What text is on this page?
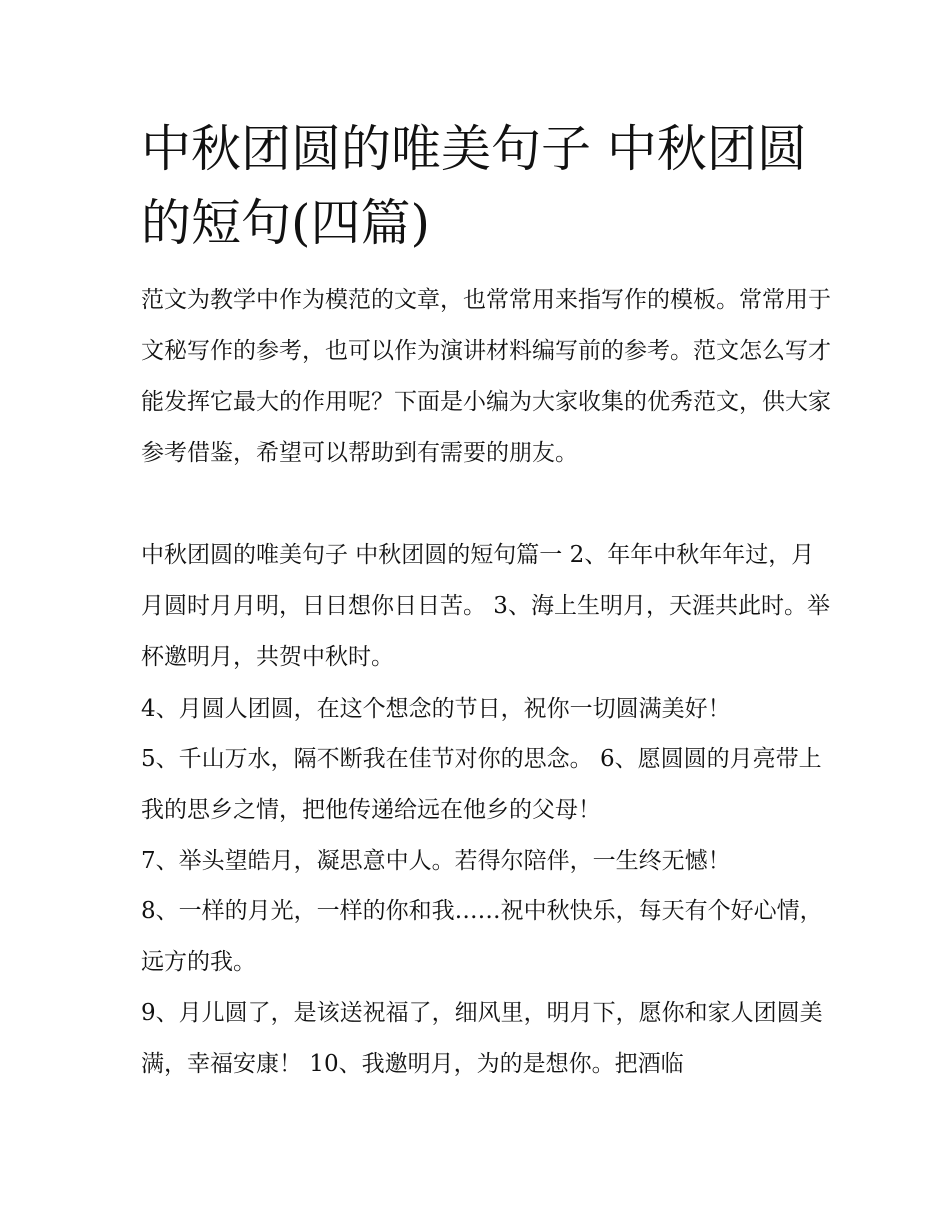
中秋团圆的唯美句子 中秋团圆的短句(四篇)

范文为教学中作为模范的文章，也常常用来指写作的模板。常常用于文秘写作的参考，也可以作为演讲材料编写前的参考。范文怎么写才能发挥它最大的作用呢？下面是小编为大家收集的优秀范文，供大家参考借鉴，希望可以帮助到有需要的朋友。

中秋团圆的唯美句子 中秋团圆的短句篇一 2、年年中秋年年过，月月圆时月月明，日日想你日日苦。 3、海上生明月，天涯共此时。举杯邀明月，共贺中秋时。

4、月圆人团圆，在这个想念的节日，祝你一切圆满美好！

5、千山万水，隔不断我在佳节对你的思念。 6、愿圆圆的月亮带上我的思乡之情，把他传递给远在他乡的父母！

7、举头望皓月，凝思意中人。若得尔陪伴，一生终无憾！

8、一样的月光，一样的你和我……祝中秋快乐，每天有个好心情，远方的我。

9、月儿圆了，是该送祝福了，细风里，明月下，愿你和家人团圆美满，幸福安康！ 10、我邀明月，为的是想你。把酒临
